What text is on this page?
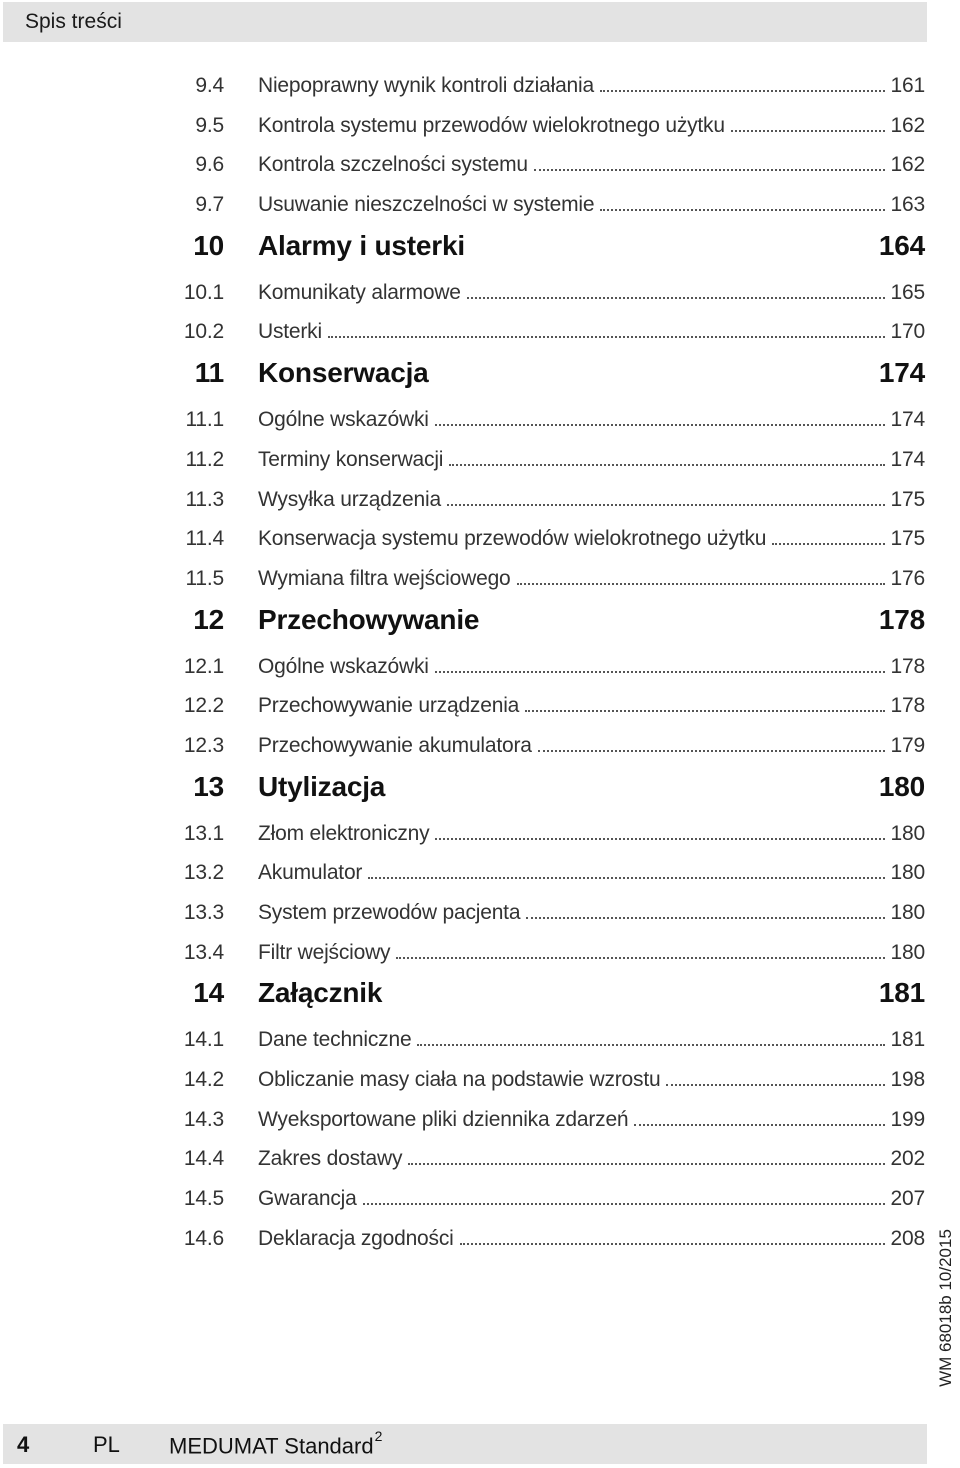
Spis treści
9.4 Niepoprawny wynik kontroli działania	161
9.5 Kontrola systemu przewodów wielokrotnego użytku	162
9.6 Kontrola szczelności systemu	162
9.7 Usuwanie nieszczelności w systemie	163
10 Alarmy i usterki	164
10.1 Komunikaty alarmowe	165
10.2 Usterki	170
11 Konserwacja	174
11.1 Ogólne wskazówki	174
11.2 Terminy konserwacji	174
11.3 Wysyłka urządzenia	175
11.4 Konserwacja systemu przewodów wielokrotnego użytku	175
11.5 Wymiana filtra wejściowego	176
12 Przechowywanie	178
12.1 Ogólne wskazówki	178
12.2 Przechowywanie urządzenia	178
12.3 Przechowywanie akumulatora	179
13 Utylizacja	180
13.1 Złom elektroniczny	180
13.2 Akumulator	180
13.3 System przewodów pacjenta	180
13.4 Filtr wejściowy	180
14 Załącznik	181
14.1 Dane techniczne	181
14.2 Obliczanie masy ciała na podstawie wzrostu	198
14.3 Wyeksportowane pliki dziennika zdarzeń	199
14.4 Zakres dostawy	202
14.5 Gwarancja	207
14.6 Deklaracja zgodności	208 WM 68018b 10/2015
4	PL MEDUMAT Standard$^2$
